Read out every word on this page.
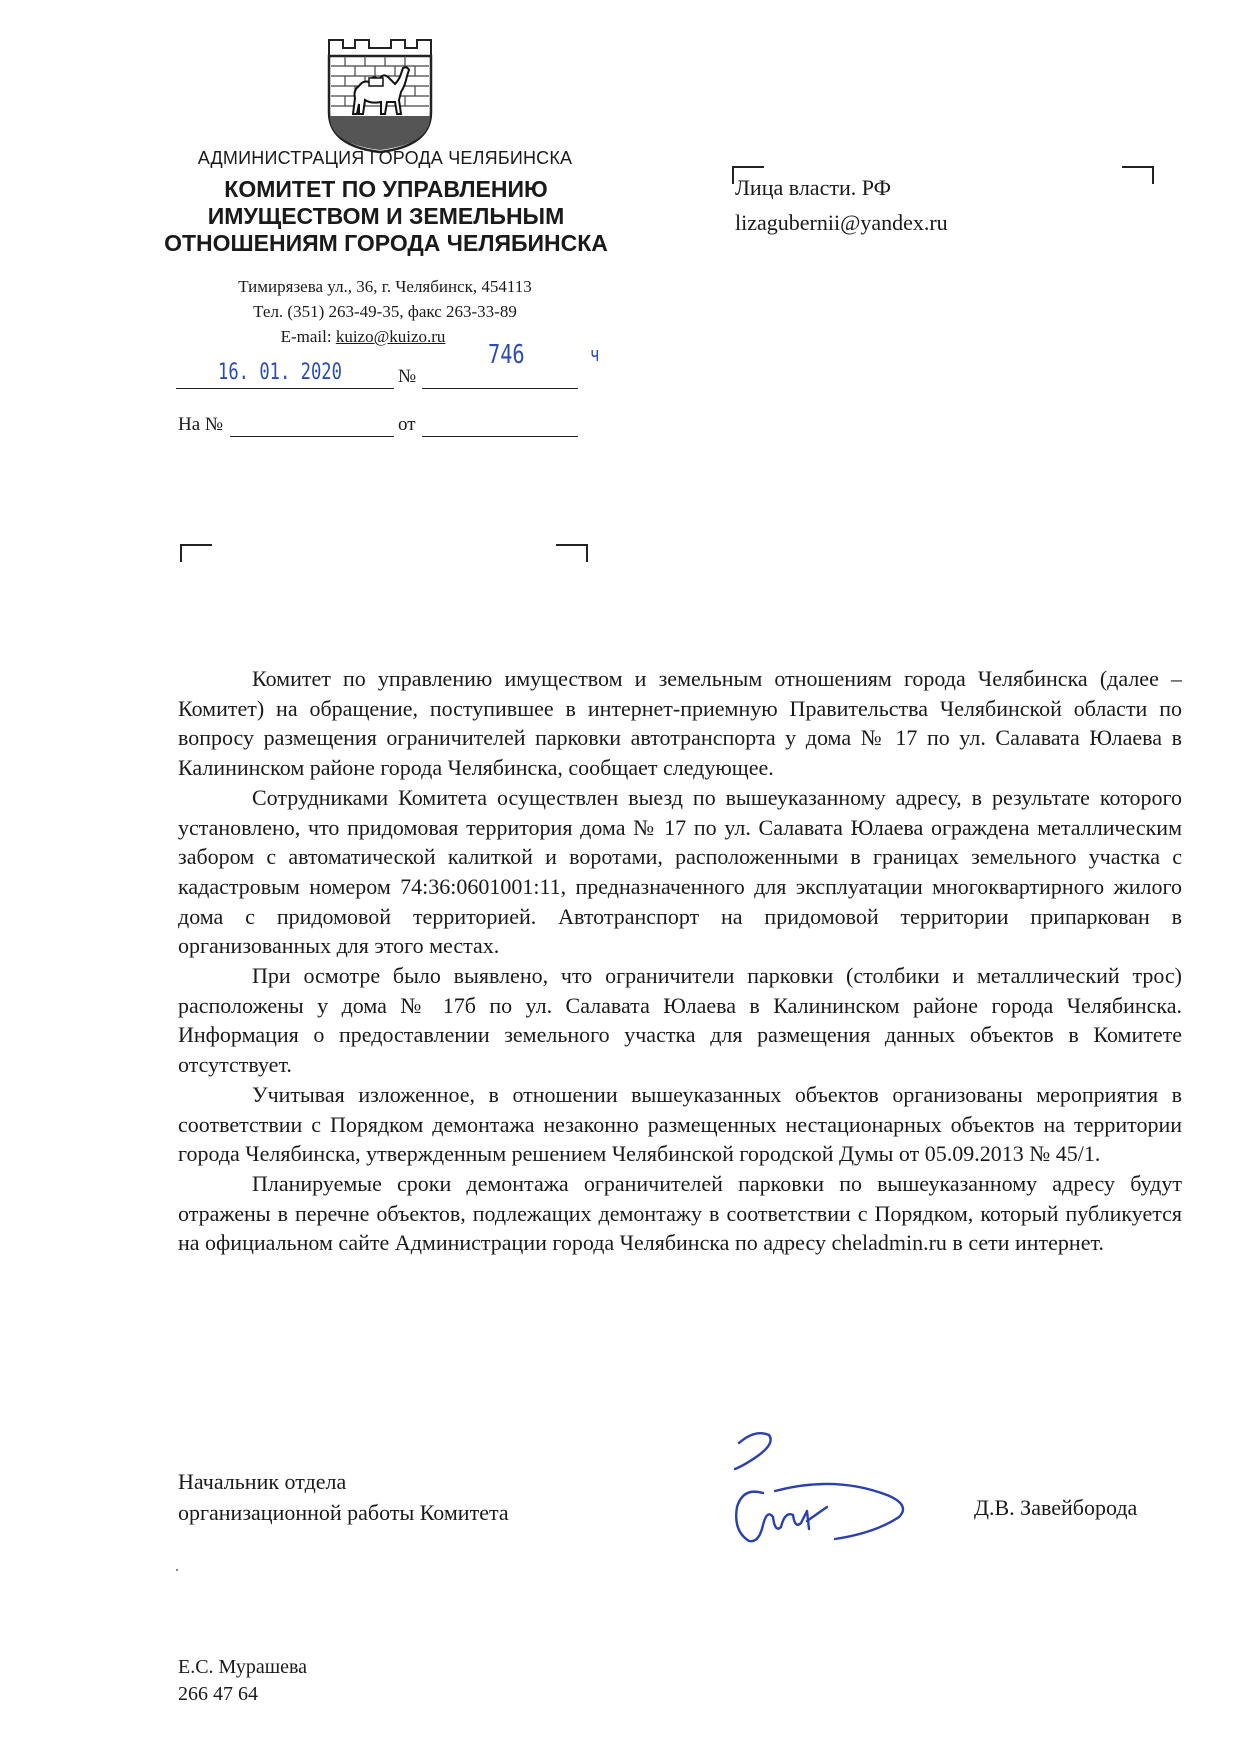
АДМИНИСТРАЦИЯ ГОРОДА ЧЕЛЯБИНСКА
КОМИТЕТ ПО УПРАВЛЕНИЮ
ИМУЩЕСТВОМ И ЗЕМЕЛЬНЫМ
ОТНОШЕНИЯМ ГОРОДА ЧЕЛЯБИНСКА
Тимирязева ул., 36, г. Челябинск, 454113
Тел. (351) 263-49-35, факс 263-33-89
E-mail: kuizo@kuizo.ru
16. 01. 2020	№
746	ч
На №	от
Лица власти. РФ
lizagubernii@yandex.ru

Комитет по управлению имуществом и земельным отношениям города Челябинска (далее – Комитет) на обращение, поступившее в интернет-приемную Правительства Челябинской области по вопросу размещения ограничителей парковки автотранспорта у дома № 17 по ул. Салавата Юлаева в Калининском районе города Челябинска, сообщает следующее.

Сотрудниками Комитета осуществлен выезд по вышеуказанному адресу, в результате которого установлено, что придомовая территория дома № 17 по ул. Салавата Юлаева ограждена металлическим забором с автоматической калиткой и воротами, расположенными в границах земельного участка с кадастровым номером 74:36:0601001:11, предназначенного для эксплуатации многоквартирного жилого дома с придомовой территорией. Автотранспорт на придомовой территории припаркован в организованных для этого местах.

При осмотре было выявлено, что ограничители парковки (столбики и металлический трос) расположены у дома № 17б по ул. Салавата Юлаева в Калининском районе города Челябинска. Информация о предоставлении земельного участка для размещения данных объектов в Комитете отсутствует.

Учитывая изложенное, в отношении вышеуказанных объектов организованы мероприятия в соответствии с Порядком демонтажа незаконно размещенных нестационарных объектов на территории города Челябинска, утвержденным решением Челябинской городской Думы от 05.09.2013 № 45/1.

Планируемые сроки демонтажа ограничителей парковки по вышеуказанному адресу будут отражены в перечне объектов, подлежащих демонтажу в соответствии с Порядком, который публикуется на официальном сайте Администрации города Челябинска по адресу cheladmin.ru в сети интернет.

Начальник отдела
организационной работы Комитета	Д.В. Завейборода
Е.С. Мурашева
266 47 64
